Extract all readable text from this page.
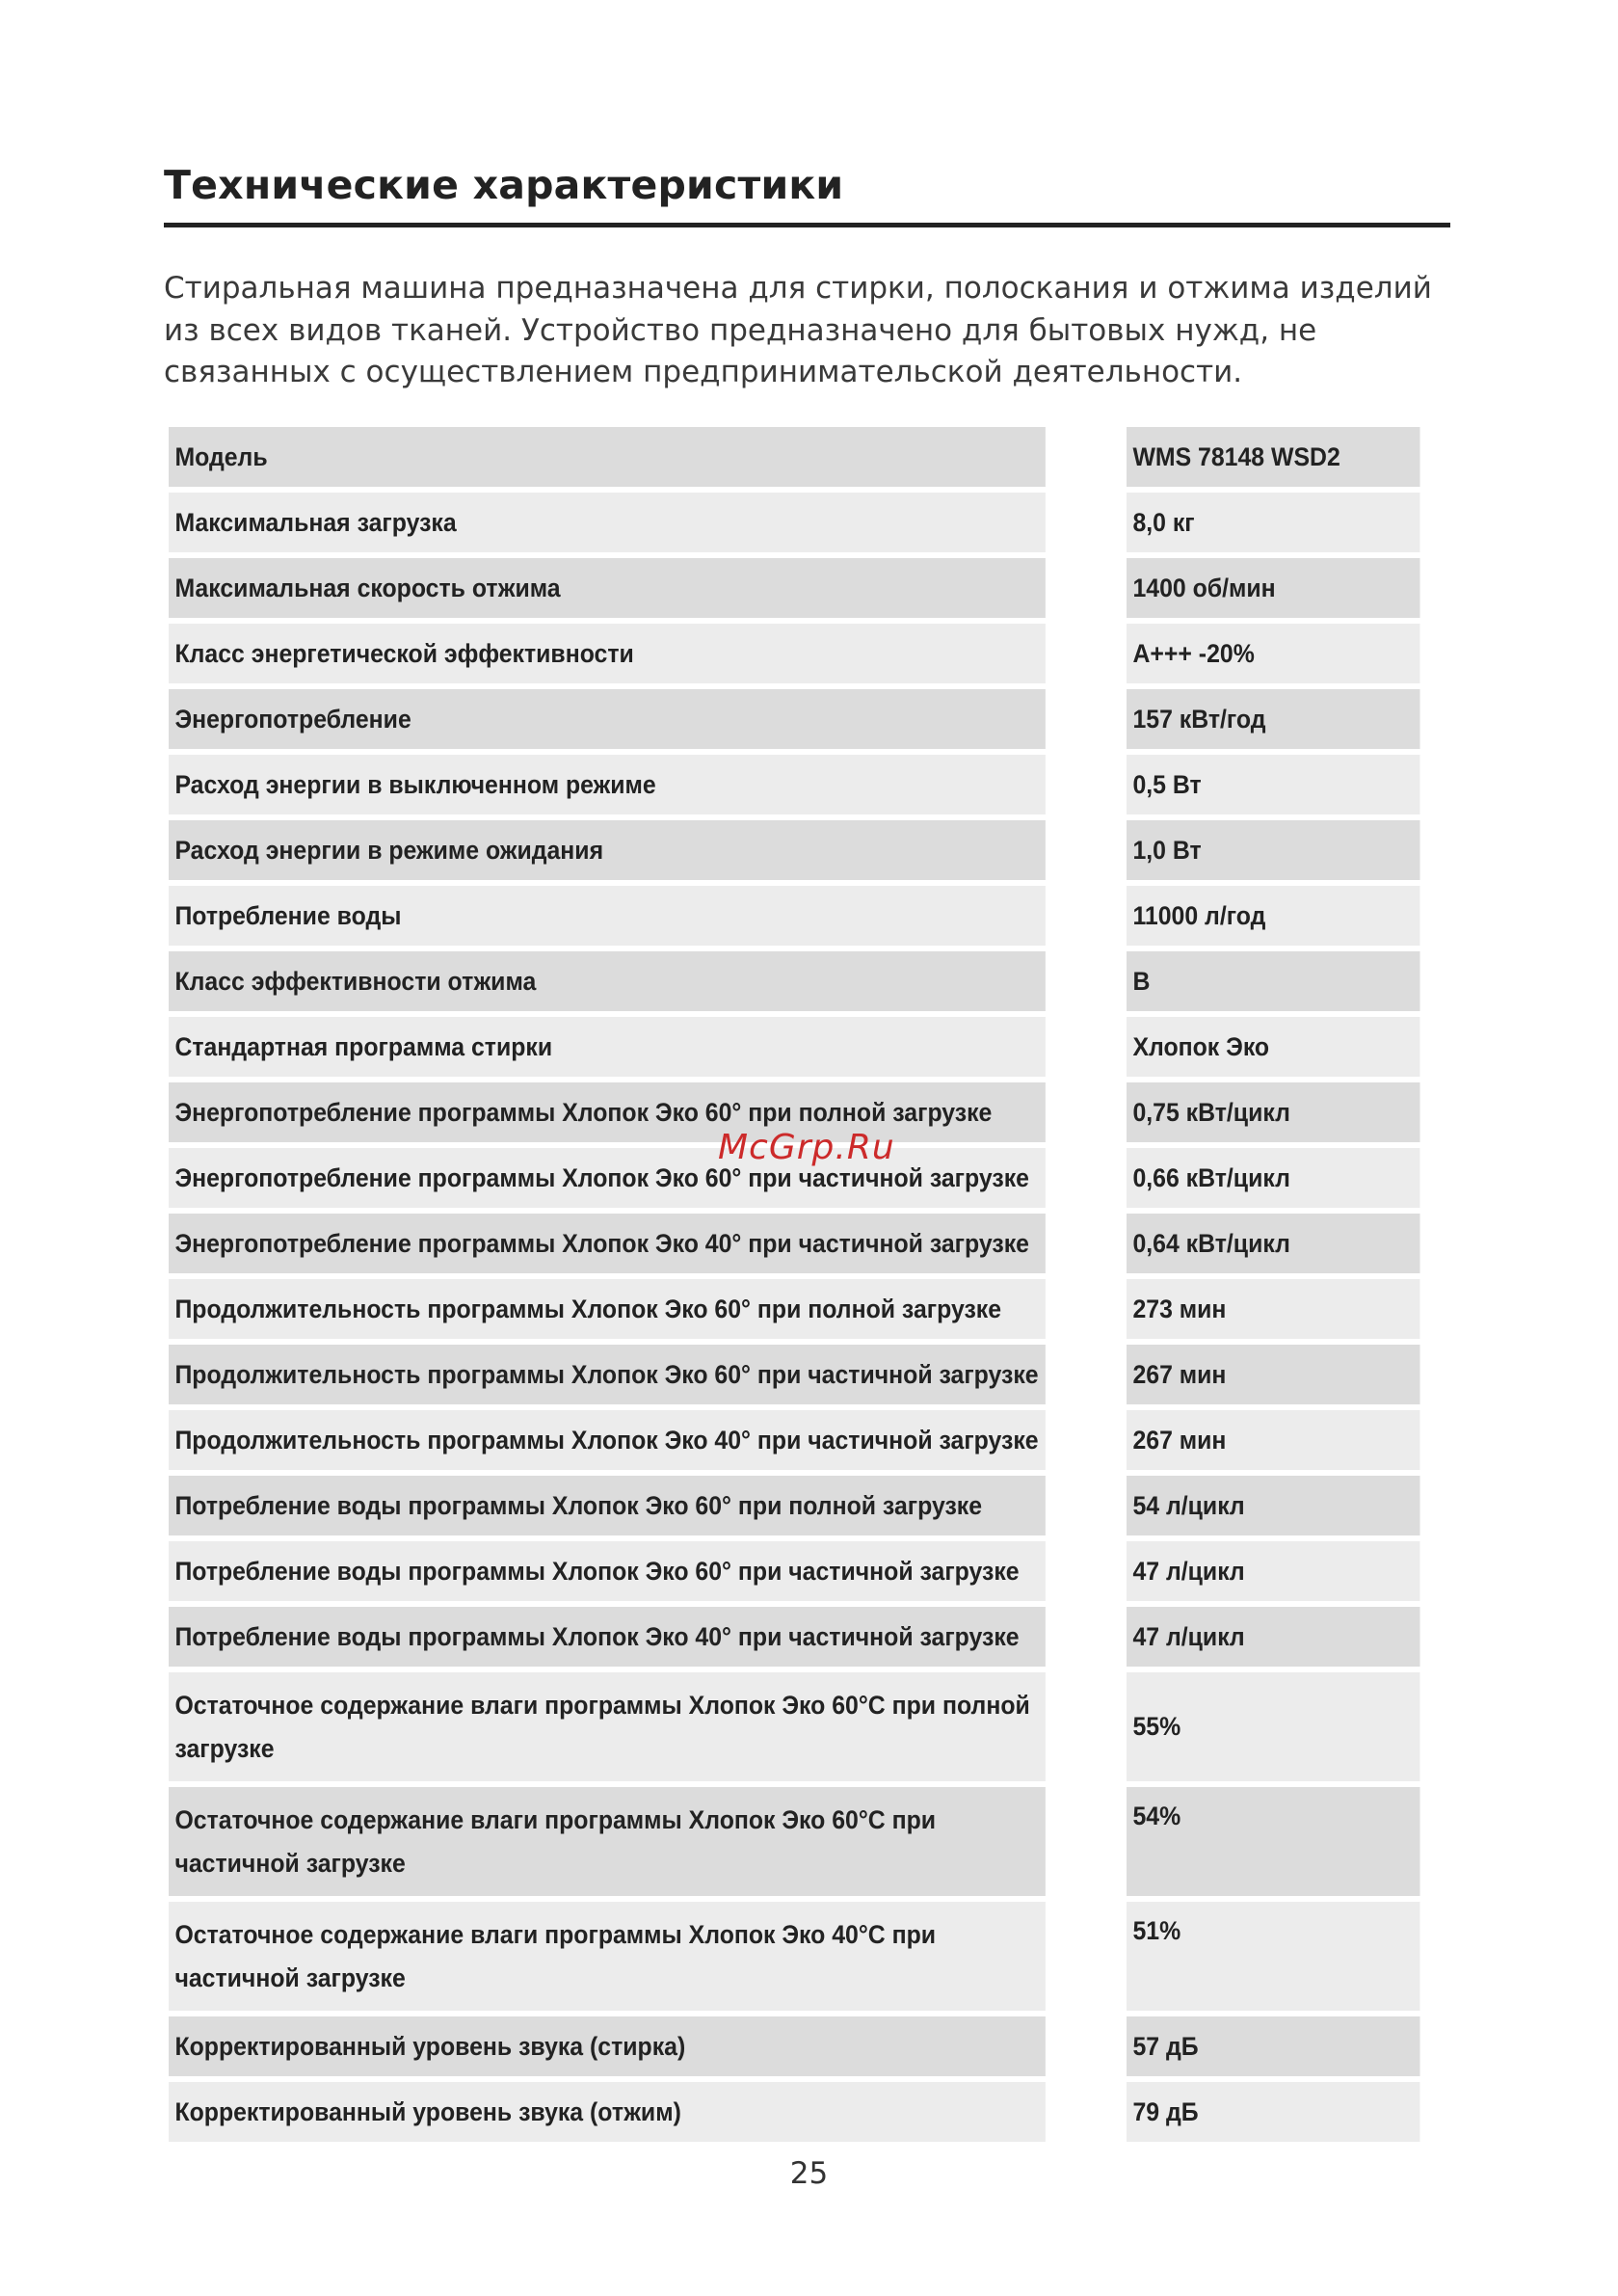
Технические характеристики

Стиральная машина предназначена для стирки, полоскания и отжима изделий из всех видов тканей. Устройство предназначено для бытовых нужд, не связанных с осуществлением предпринимательской деятельности.

Модель	WMS 78148 WSD2
Максимальная загрузка	8,0 кг
Максимальная скорость отжима	1400 об/мин
Класс энергетической эффективности	A+++ -20%
Энергопотребление	157 кВт/год
Расход энергии в выключенном режиме	0,5 Вт
Расход энергии в режиме ожидания	1,0 Вт
Потребление воды	11000 л/год
Класс эффективности отжима	B
Стандартная программа стирки	Хлопок Эко
Энергопотребление программы Хлопок Эко 60° при полной загрузке	0,75 кВт/цикл
Энергопотребление программы Хлопок Эко 60° при частичной загрузке	0,66 кВт/цикл
Энергопотребление программы Хлопок Эко 40° при частичной загрузке	0,64 кВт/цикл
Продолжительность программы Хлопок Эко 60° при полной загрузке	273 мин
Продолжительность программы Хлопок Эко 60° при частичной загрузке	267 мин
Продолжительность программы Хлопок Эко 40° при частичной загрузке	267 мин
Потребление воды программы Хлопок Эко 60° при полной загрузке	54 л/цикл
Потребление воды программы Хлопок Эко 60° при частичной загрузке	47 л/цикл
Потребление воды программы Хлопок Эко 40° при частичной загрузке	47 л/цикл
Остаточное содержание влаги программы Хлопок Эко 60°C при полной загрузке	55%
Остаточное содержание влаги программы Хлопок Эко 60°C при частичной загрузке	54%
Остаточное содержание влаги программы Хлопок Эко 40°C при частичной загрузке	51%
Корректированный уровень звука (стирка)	57 дБ
Корректированный уровень звука (отжим)	79 дБ
McGrp.Ru
25
